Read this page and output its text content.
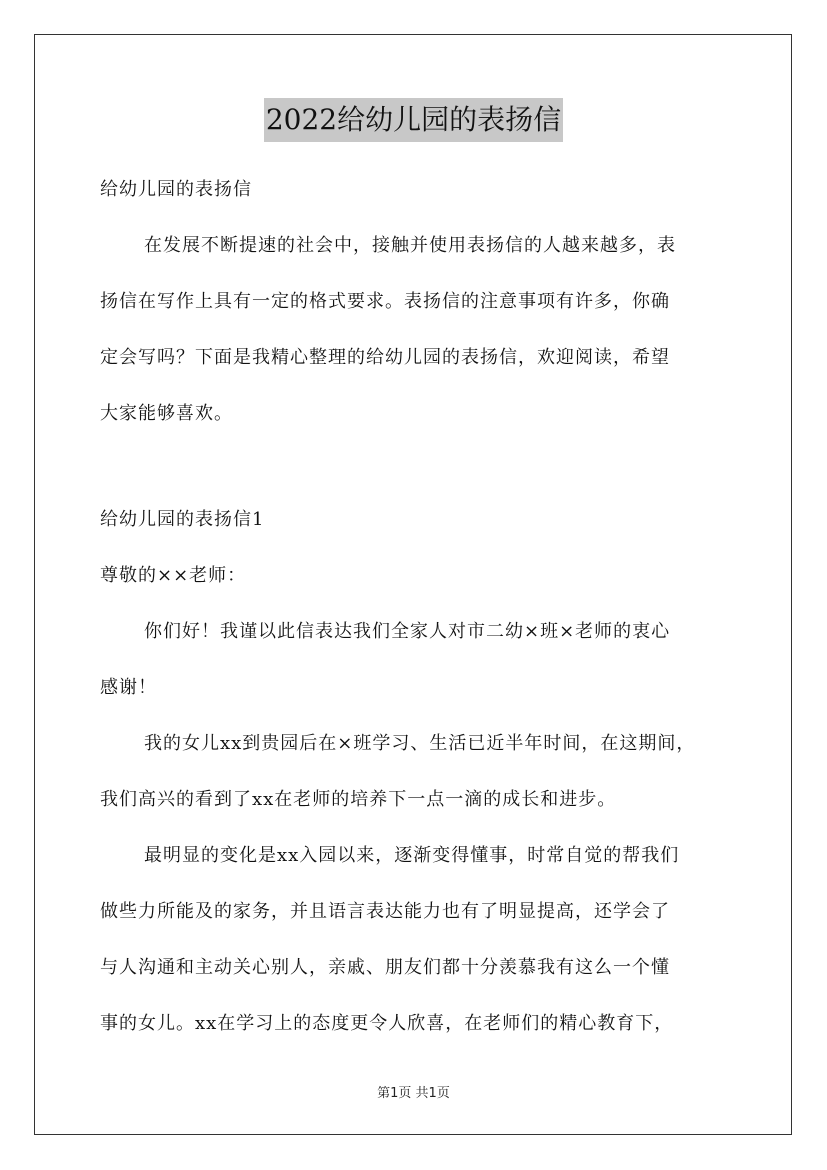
2022给幼儿园的表扬信
给幼儿园的表扬信
在发展不断提速的社会中，接触并使用表扬信的人越来越多，表
扬信在写作上具有一定的格式要求。表扬信的注意事项有许多，你确
定会写吗？下面是我精心整理的给幼儿园的表扬信，欢迎阅读，希望
大家能够喜欢。
给幼儿园的表扬信1
尊敬的××老师：
你们好！我谨以此信表达我们全家人对市二幼×班×老师的衷心
感谢！
我的女儿xx到贵园后在×班学习、生活已近半年时间，在这期间，
我们高兴的看到了xx在老师的培养下一点一滴的成长和进步。
最明显的变化是xx入园以来，逐渐变得懂事，时常自觉的帮我们
做些力所能及的家务，并且语言表达能力也有了明显提高，还学会了
与人沟通和主动关心别人，亲戚、朋友们都十分羡慕我有这么一个懂
事的女儿。xx在学习上的态度更令人欣喜，在老师们的精心教育下，
第1页 共1页
